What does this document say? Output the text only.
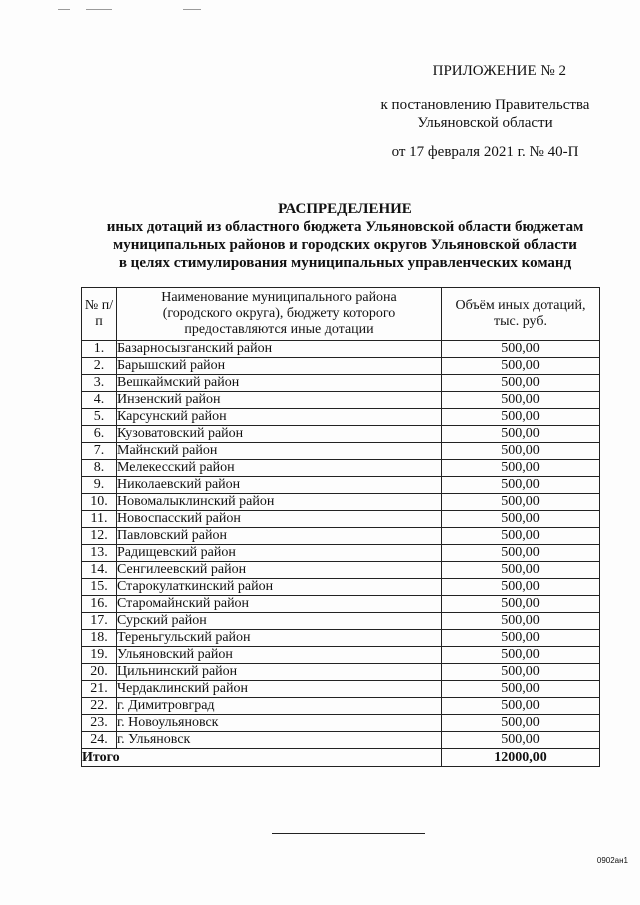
ПРИЛОЖЕНИЕ № 2
к постановлению Правительства
Ульяновской области
от 17 февраля 2021 г. № 40-П
РАСПРЕДЕЛЕНИЕ
иных дотаций из областного бюджета Ульяновской области бюджетам
муниципальных районов и городских округов Ульяновской области
в целях стимулирования муниципальных управленческих команд
№ п/п	Наименование муниципального района (городского округа), бюджету которого предоставляются иные дотации	Объём иных дотаций, тыс. руб.
1.	Базарносызганский район	500,00
2.	Барышский район	500,00
3.	Вешкаймский район	500,00
4.	Инзенский район	500,00
5.	Карсунский район	500,00
6.	Кузоватовский район	500,00
7.	Майнский район	500,00
8.	Мелекесский район	500,00
9.	Николаевский район	500,00
10.	Новомалыклинский район	500,00
11.	Новоспасский район	500,00
12.	Павловский район	500,00
13.	Радищевский район	500,00
14.	Сенгилеевский район	500,00
15.	Старокулаткинский район	500,00
16.	Старомайнский район	500,00
17.	Сурский район	500,00
18.	Тереньгульский район	500,00
19.	Ульяновский район	500,00
20.	Цильнинский район	500,00
21.	Чердаклинский район	500,00
22.	г. Димитровград	500,00
23.	г. Новоульяновск	500,00
24.	г. Ульяновск	500,00
Итого		12000,00
0902ан1
